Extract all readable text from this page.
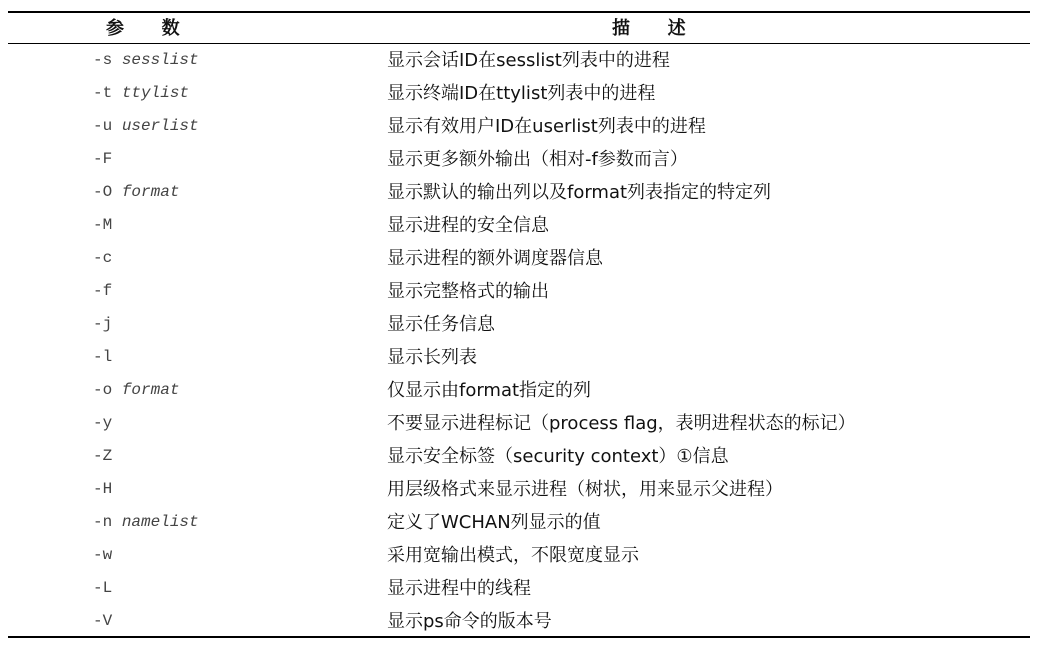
参      数	描      述
-s sesslist	显示会话ID在sesslist列表中的进程
-t ttylist	显示终端ID在ttylist列表中的进程
-u userlist	显示有效用户ID在userlist列表中的进程
-F	显示更多额外输出（相对-f参数而言）
-O format	显示默认的输出列以及format列表指定的特定列
-M	显示进程的安全信息
-c	显示进程的额外调度器信息
-f	显示完整格式的输出
-j	显示任务信息
-l	显示长列表
-o format	仅显示由format指定的列
-y	不要显示进程标记（process flag，表明进程状态的标记）
-Z	显示安全标签（security context）①信息
-H	用层级格式来显示进程（树状，用来显示父进程）
-n namelist	定义了WCHAN列显示的值
-w	采用宽输出模式，不限宽度显示
-L	显示进程中的线程
-V	显示ps命令的版本号
